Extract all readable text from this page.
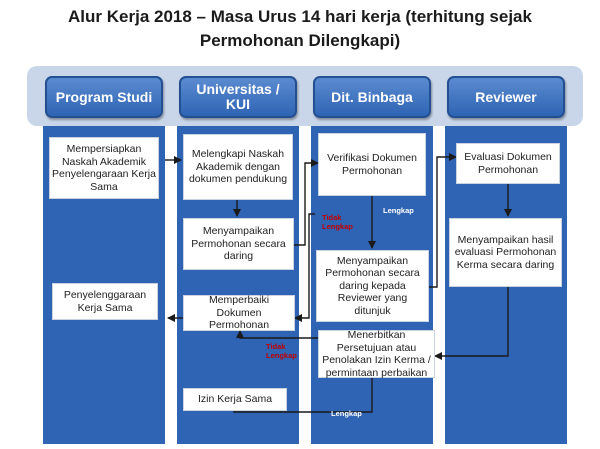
Alur Kerja 2018 – Masa Urus 14 hari kerja (terhitung sejak
Permohonan Dilengkapi)
Program Studi	Universitas /
KUI	Dit. Binbaga	Reviewer
Mempersiapkan Naskah Akademik Penyelengaraan Kerja Sama
Penyelenggaraan Kerja Sama
Melengkapi Naskah Akademik dengan dokumen pendukung
Menyampaikan Permohonan secara daring
Memperbaiki Dokumen Permohonan
Izin Kerja Sama
Verifikasi Dokumen Permohonan
Menyampaikan Permohonan secara daring kepada Reviewer yang ditunjuk
Menerbitkan Persetujuan atau Penolakan Izin Kerma / permintaan perbaikan
Evaluasi Dokumen Permohonan
Menyampaikan hasil evaluasi Permohonan Kerma secara daring
Lengkap
Tidak
Lengkap
Tidak
Lengkap
Lengkap
